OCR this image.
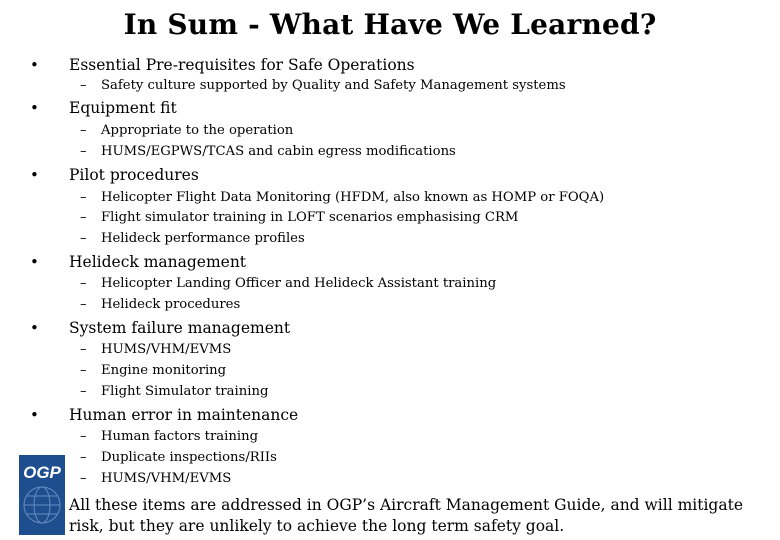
In Sum - What Have We Learned?
• Essential Pre-requisites for Safe Operations
– Safety culture supported by Quality and Safety Management systems
• Equipment fit
– Appropriate to the operation
– HUMS/EGPWS/TCAS and cabin egress modifications
• Pilot procedures
– Helicopter Flight Data Monitoring (HFDM, also known as HOMP or FOQA)
– Flight simulator training in LOFT scenarios emphasising CRM
– Helideck performance profiles
• Helideck management
– Helicopter Landing Officer and Helideck Assistant training
– Helideck procedures
• System failure management
– HUMS/VHM/EVMS
– Engine monitoring
– Flight Simulator training
• Human error in maintenance
– Human factors training
– Duplicate inspections/RIIs
– HUMS/VHM/EVMS
All these items are addressed in OGP’s Aircraft Management Guide, and will mitigate risk, but they are unlikely to achieve the long term safety goal.
OGP
